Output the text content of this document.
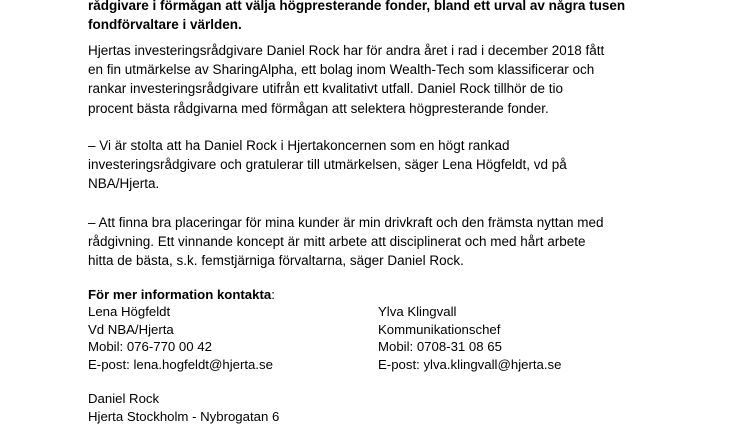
rådgivare i förmågan att välja högpresterande fonder, bland ett urval av några tusen
fondförvaltare i världen.
Hjertas investeringsrådgivare Daniel Rock har för andra året i rad i december 2018 fått
en fin utmärkelse av SharingAlpha, ett bolag inom Wealth-Tech som klassificerar och
rankar investeringsrådgivare utifrån ett kvalitativt utfall. Daniel Rock tillhör de tio
procent bästa rådgivarna med förmågan att selektera högpresterande fonder.
– Vi är stolta att ha Daniel Rock i Hjertakoncernen som en högt rankad
investeringsrådgivare och gratulerar till utmärkelsen, säger Lena Högfeldt, vd på
NBA/Hjerta.
– Att finna bra placeringar för mina kunder är min drivkraft och den främsta nyttan med
rådgivning. Ett vinnande koncept är mitt arbete att disciplinerat och med hårt arbete
hitta de bästa, s.k. femstjärniga förvaltarna, säger Daniel Rock.
För mer information kontakta:
Lena Högfeldt
Vd NBA/Hjerta
Mobil: 076-770 00 42
E-post: lena.hogfeldt@hjerta.se
Ylva Klingvall
Kommunikationschef
Mobil: 0708-31 08 65
E-post: ylva.klingvall@hjerta.se
Daniel Rock
Hjerta Stockholm - Nybrogatan 6
